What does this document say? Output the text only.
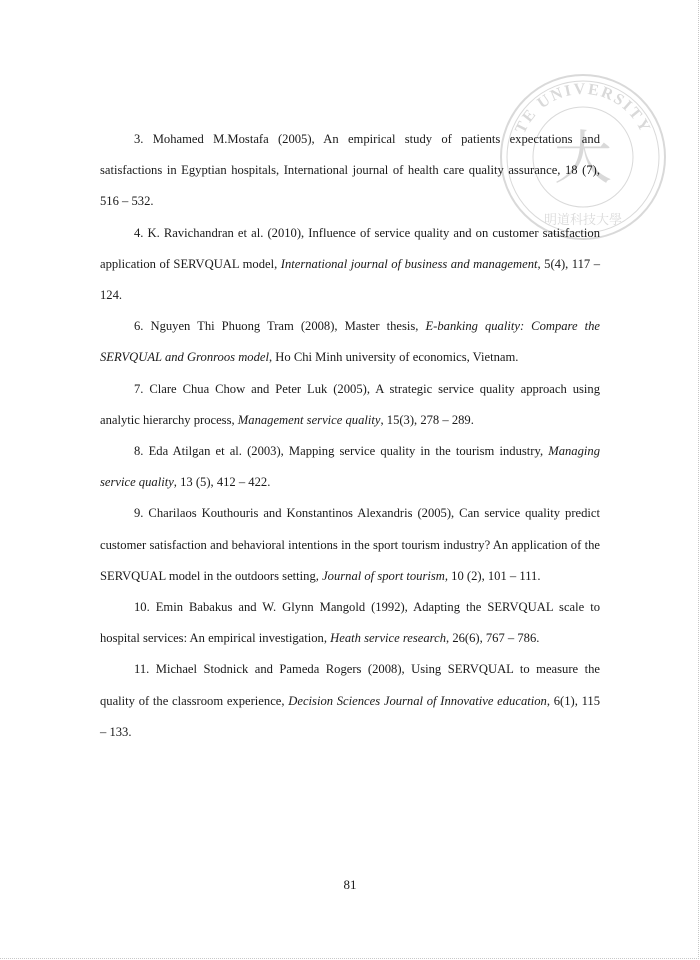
TE UNIVERSITY
大
明道科技大學

3. Mohamed M.Mostafa (2005), An empirical study of patients expectations and satisfactions in Egyptian hospitals, International journal of health care quality assurance, 18 (7), 516 – 532.

4. K. Ravichandran et al. (2010), Influence of service quality and on customer satisfaction application of SERVQUAL model, International journal of business and management, 5(4), 117 – 124.

6. Nguyen Thi Phuong Tram (2008), Master thesis, E-banking quality: Compare the SERVQUAL and Gronroos model, Ho Chi Minh university of economics, Vietnam.

7. Clare Chua Chow and Peter Luk (2005), A strategic service quality approach using analytic hierarchy process, Management service quality, 15(3), 278 – 289.

8. Eda Atilgan et al. (2003), Mapping service quality in the tourism industry, Managing service quality, 13 (5), 412 – 422.

9. Charilaos Kouthouris and Konstantinos Alexandris (2005), Can service quality predict customer satisfaction and behavioral intentions in the sport tourism industry? An application of the SERVQUAL model in the outdoors setting, Journal of sport tourism, 10 (2), 101 – 111.

10. Emin Babakus and W. Glynn Mangold (1992), Adapting the SERVQUAL scale to hospital services: An empirical investigation, Heath service research, 26(6), 767 – 786.

11. Michael Stodnick and Pameda Rogers (2008), Using SERVQUAL to measure the quality of the classroom experience, Decision Sciences Journal of Innovative education, 6(1), 115 – 133.

81
